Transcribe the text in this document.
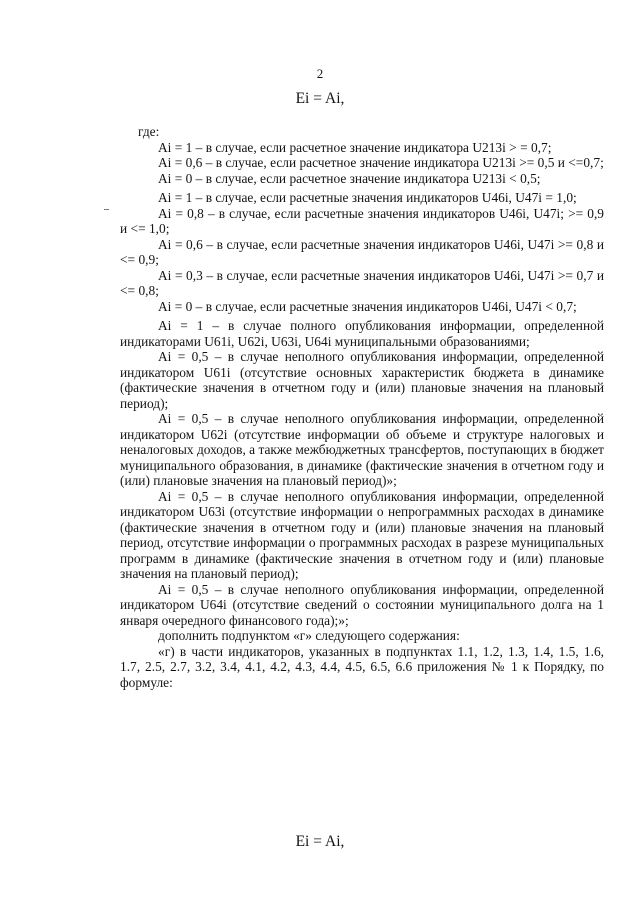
2
Ei = Ai,

где:

Ai = 1 – в случае, если расчетное значение индикатора U213i > = 0,7;

Ai = 0,6 – в случае, если расчетное значение индикатора U213i >= 0,5 и <=0,7;

Ai = 0 – в случае, если расчетное значение индикатора U213i < 0,5;

Ai = 1 – в случае, если расчетные значения индикаторов U46i, U47i = 1,0;

Ai = 0,8 – в случае, если расчетные значения индикаторов U46i, U47i; >= 0,9 и <= 1,0;

Ai = 0,6 – в случае, если расчетные значения индикаторов U46i, U47i >= 0,8 и <= 0,9;

Ai = 0,3 – в случае, если расчетные значения индикаторов U46i, U47i >= 0,7 и <= 0,8;

Ai = 0 – в случае, если расчетные значения индикаторов U46i, U47i < 0,7;

Ai = 1 – в случае полного опубликования информации, определенной индикаторами U61i, U62i, U63i, U64i муниципальными образованиями;

Ai = 0,5 – в случае неполного опубликования информации, определенной индикатором U61i (отсутствие основных характеристик бюджета в динамике (фактические значения в отчетном году и (или) плановые значения на плановый период);

Ai = 0,5 – в случае неполного опубликования информации, определенной индикатором U62i (отсутствие информации об объеме и структуре налоговых и неналоговых доходов, а также межбюджетных трансфертов, поступающих в бюджет муниципального образования, в динамике (фактические значения в отчетном году и (или) плановые значения на плановый период)»;

Ai = 0,5 – в случае неполного опубликования информации, определенной индикатором U63i (отсутствие информации о непрограммных расходах в динамике (фактические значения в отчетном году и (или) плановые значения на плановый период, отсутствие информации о программных расходах в разрезе муниципальных программ в динамике (фактические значения в отчетном году и (или) плановые значения на плановый период);

Ai = 0,5 – в случае неполного опубликования информации, определенной индикатором U64i (отсутствие сведений о состоянии муниципального долга на 1 января очередного финансового года);»;

дополнить подпунктом «г» следующего содержания:

«г) в части индикаторов, указанных в подпунктах 1.1, 1.2, 1.3, 1.4, 1.5, 1.6, 1.7, 2.5, 2.7, 3.2, 3.4, 4.1, 4.2, 4.3, 4.4, 4.5, 6.5, 6.6 приложения № 1 к Порядку, по формуле:

Ei = Ai,
